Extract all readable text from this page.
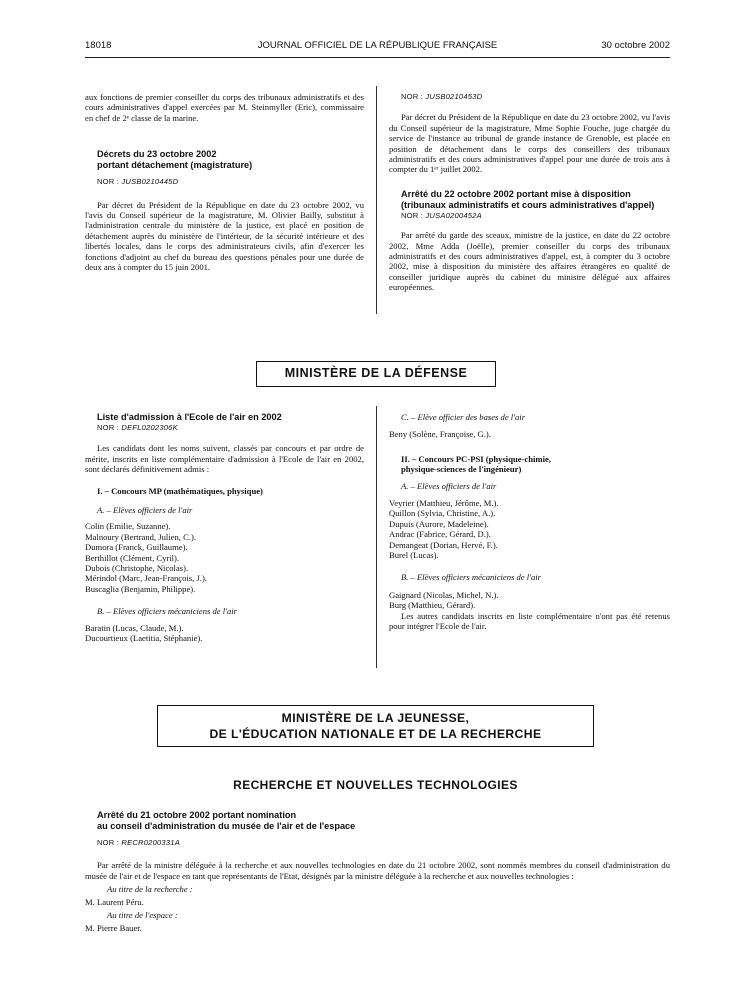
18018	JOURNAL OFFICIEL DE LA RÉPUBLIQUE FRANÇAISE	30 octobre 2002

aux fonctions de premier conseiller du corps des tribunaux administratifs et des cours administratives d'appel exercées par M. Steinmyller (Eric), commissaire en chef de 2ᵉ classe de la marine.

Décrets du 23 octobre 2002

portant détachement (magistrature)

NOR : JUSB0210445D

Par décret du Président de la République en date du 23 octobre 2002, vu l'avis du Conseil supérieur de la magistrature, M. Olivier Bailly, substitut à l'administration centrale du ministère de la justice, est placé en position de détachement auprès du ministère de l'intérieur, de la sécurité intérieure et des libertés locales, dans le corps des administrateurs civils, afin d'exercer les fonctions d'adjoint au chef du bureau des questions pénales pour une durée de deux ans à compter du 15 juin 2001.

NOR : JUSB0210453D

Par décret du Président de la République en date du 23 octobre 2002, vu l'avis du Conseil supérieur de la magistrature, Mme Sophie Fouche, juge chargée du service de l'instance au tribunal de grande instance de Grenoble, est placée en position de détachement dans le corps des conseillers des tribunaux administratifs et des cours administratives d'appel pour une durée de trois ans à compter du 1ᵉʳ juillet 2002.

Arrêté du 22 octobre 2002 portant mise à disposition

(tribunaux administratifs et cours administratives d'appel)

NOR : JUSA0200452A

Par arrêté du garde des sceaux, ministre de la justice, en date du 22 octobre 2002, Mme Adda (Joëlle), premier conseiller du corps des tribunaux administratifs et des cours administratives d'appel, est, à compter du 3 octobre 2002, mise à disposition du ministère des affaires étrangères en qualité de conseiller juridique auprès du cabinet du ministre délégué aux affaires européennes.

MINISTÈRE DE LA DÉFENSE

Liste d'admission à l'Ecole de l'air en 2002

NOR : DEFL0202306K

Les candidats dont les noms suivent, classés par concours et par ordre de mérite, inscrits en liste complémentaire d'admission à l'Ecole de l'air en 2002, sont déclarés définitivement admis :

I. – Concours MP (mathématiques, physique)

A. – Elèves officiers de l'air

Colin (Emilie, Suzanne).
Malnoury (Bertrand, Julien, C.).
Dumora (Franck, Guillaume).
Berthillot (Clément, Cyril).
Dubois (Christophe, Nicolas).
Mérindol (Marc, Jean-François, J.).
Buscaglia (Benjamin, Philippe).

B. – Elèves officiers mécaniciens de l'air

Baratin (Lucas, Claude, M.).
Ducourtieux (Laetitia, Stéphanie).

C. – Elève officier des bases de l'air

Beny (Solène, Françoise, G.).

II. – Concours PC-PSI (physique-chimie,

physique-sciences de l'ingénieur)

A. – Elèves officiers de l'air

Veyrier (Matthieu, Jérôme, M.).
Quillon (Sylvia, Christine, A.).
Dupuis (Aurore, Madeleine).
Andrac (Fabrice, Gérard, D.).
Demangeat (Dorian, Hervé, F.).
Burel (Lucas).

B. – Elèves officiers mécaniciens de l'air

Gaignard (Nicolas, Michel, N.).
Burg (Matthieu, Gérard).

Les autres candidats inscrits en liste complémentaire n'ont pas été retenus pour intégrer l'Ecole de l'air.

MINISTÈRE DE LA JEUNESSE,
DE L'ÉDUCATION NATIONALE ET DE LA RECHERCHE
RECHERCHE ET NOUVELLES TECHNOLOGIES

Arrêté du 21 octobre 2002 portant nomination

au conseil d'administration du musée de l'air et de l'espace

NOR : RECR0200331A

Par arrêté de la ministre déléguée à la recherche et aux nouvelles technologies en date du 21 octobre 2002, sont nommés membres du conseil d'administration du musée de l'air et de l'espace en tant que représentants de l'Etat, désignés par la ministre déléguée à la recherche et aux nouvelles technologies :

Au titre de la recherche :

M. Laurent Péru.

Au titre de l'espace :

M. Pierre Bauer.
